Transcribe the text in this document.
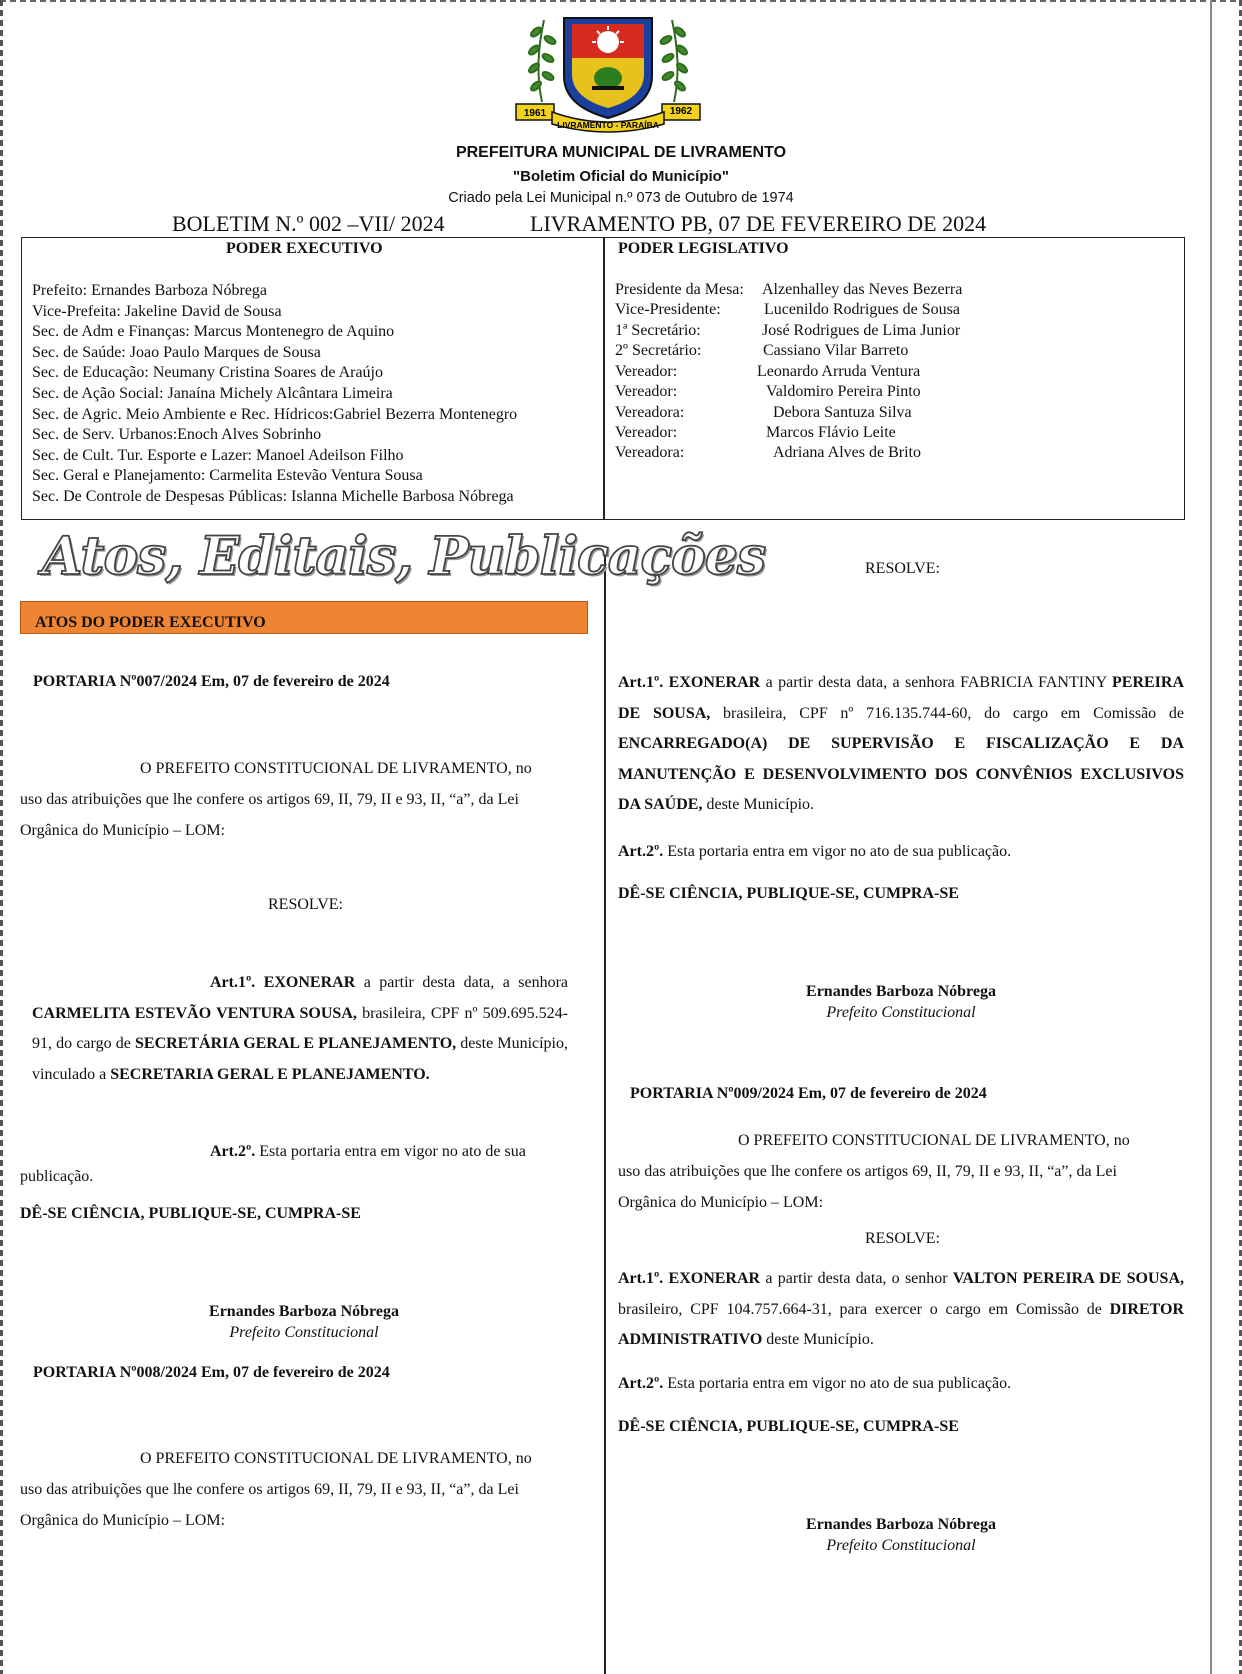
1961	1962
LIVRAMENTO - PARAÍBA
PREFEITURA MUNICIPAL DE LIVRAMENTO
"Boletim Oficial do Município"
Criado pela Lei Municipal n.º 073 de Outubro de 1974
BOLETIM N.º 002 –VII/ 2024	LIVRAMENTO PB, 07 DE FEVEREIRO DE 2024
PODER EXECUTIVO	PODER LEGISLATIVO
Prefeito: Ernandes Barboza Nóbrega
Vice-Prefeita: Jakeline David de Sousa
Sec. de Adm e Finanças: Marcus Montenegro de Aquino
Sec. de Saúde: Joao Paulo Marques de Sousa
Sec. de Educação: Neumany Cristina Soares de Araújo
Sec. de Ação Social: Janaína Michely Alcântara Limeira
Sec. de Agric. Meio Ambiente e Rec. Hídricos:Gabriel Bezerra Montenegro
Sec. de Serv. Urbanos:Enoch Alves Sobrinho
Sec. de Cult. Tur. Esporte e Lazer: Manoel Adeilson Filho
Sec. Geral e Planejamento: Carmelita Estevão Ventura Sousa
Sec. De Controle de Despesas Públicas: Islanna Michelle Barbosa Nóbrega
Presidente da Mesa: Alzenhalley das Neves Bezerra
Vice-Presidente:	Lucenildo Rodrigues de Sousa
1ª Secretário:	José Rodrigues de Lima Junior
2º Secretário:	Cassiano Vilar Barreto
Vereador:	Leonardo Arruda Ventura
Vereador:	Valdomiro Pereira Pinto
Vereadora:	Debora Santuza Silva
Vereador:	Marcos Flávio Leite
Vereadora:	Adriana Alves de Brito
Atos, Editais, Publicações
ATOS DO PODER EXECUTIVO
PORTARIA Nº007/2024 Em, 07 de fevereiro de 2024
O PREFEITO CONSTITUCIONAL DE LIVRAMENTO, no
uso das atribuições que lhe confere os artigos 69, II, 79, II e 93, II, “a”, da Lei
Orgânica do Município – LOM:
RESOLVE:
Art.1º. EXONERAR a partir desta data, a senhora CARMELITA ESTEVÃO VENTURA SOUSA, brasileira, CPF nº 509.695.524-91, do cargo de SECRETÁRIA GERAL E PLANEJAMENTO, deste Município, vinculado a SECRETARIA GERAL E PLANEJAMENTO.
Art.2º. Esta portaria entra em vigor no ato de sua
publicação.
DÊ-SE CIÊNCIA, PUBLIQUE-SE, CUMPRA-SE
Ernandes Barboza Nóbrega
Prefeito Constitucional
PORTARIA Nº008/2024 Em, 07 de fevereiro de 2024
O PREFEITO CONSTITUCIONAL DE LIVRAMENTO, no
uso das atribuições que lhe confere os artigos 69, II, 79, II e 93, II, “a”, da Lei
Orgânica do Município – LOM:
RESOLVE:
Art.1º. EXONERAR a partir desta data, a senhora FABRICIA FANTINY PEREIRA DE SOUSA, brasileira, CPF nº 716.135.744-60, do cargo em Comissão de ENCARREGADO(A) DE SUPERVISÃO E FISCALIZAÇÃO E DA MANUTENÇÃO E DESENVOLVIMENTO DOS CONVÊNIOS EXCLUSIVOS DA SAÚDE, deste Município.
Art.2º. Esta portaria entra em vigor no ato de sua publicação.
DÊ-SE CIÊNCIA, PUBLIQUE-SE, CUMPRA-SE
Ernandes Barboza Nóbrega
Prefeito Constitucional
PORTARIA Nº009/2024 Em, 07 de fevereiro de 2024
O PREFEITO CONSTITUCIONAL DE LIVRAMENTO, no
uso das atribuições que lhe confere os artigos 69, II, 79, II e 93, II, “a”, da Lei
Orgânica do Município – LOM:
RESOLVE:
Art.1º. EXONERAR a partir desta data, o senhor VALTON PEREIRA DE SOUSA, brasileiro, CPF 104.757.664-31, para exercer o cargo em Comissão de DIRETOR ADMINISTRATIVO deste Município.
Art.2º. Esta portaria entra em vigor no ato de sua publicação.
DÊ-SE CIÊNCIA, PUBLIQUE-SE, CUMPRA-SE
Ernandes Barboza Nóbrega
Prefeito Constitucional
